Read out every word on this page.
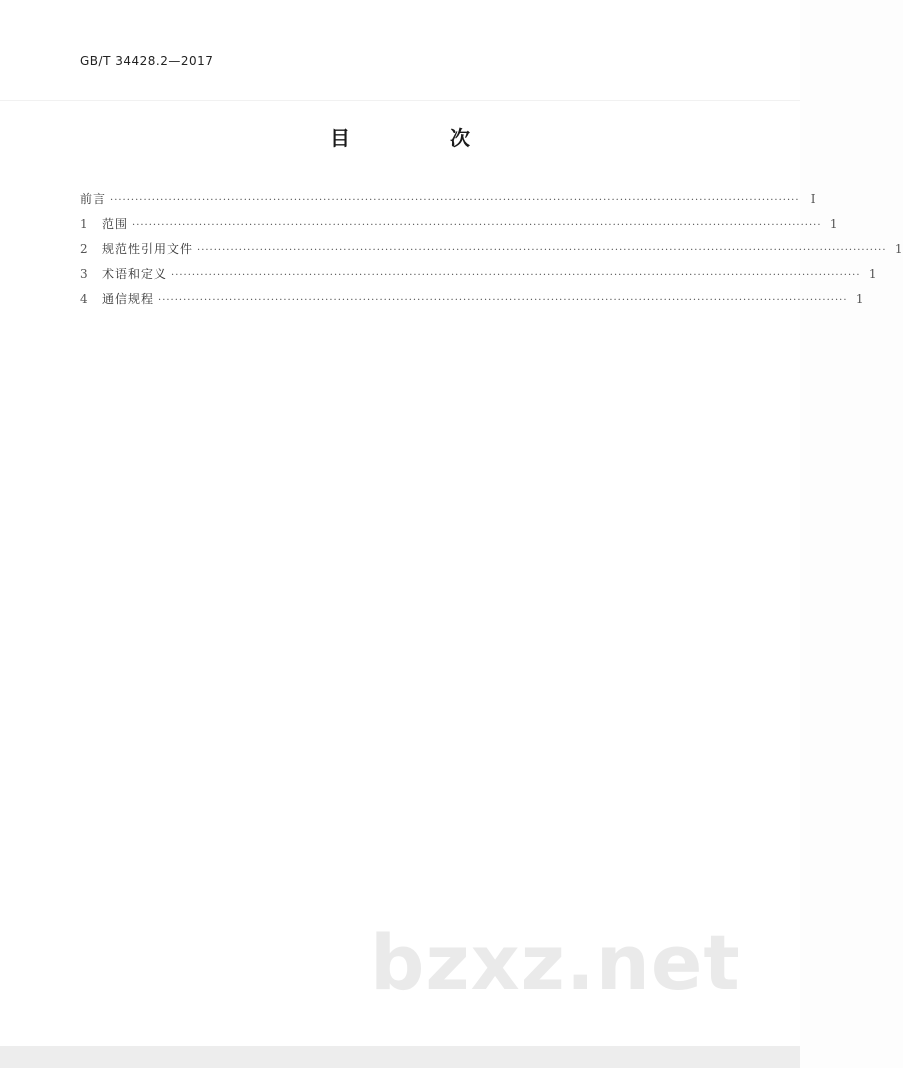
GB/T 34428.2—2017
目　次
前言 ····································································································································································· Ⅰ
1	范围 ····································································································································································· 1
2	规范性引用文件 ····································································································································································· 1
3	术语和定义 ····································································································································································· 1
4	通信规程 ····································································································································································· 1
bzxz.net
